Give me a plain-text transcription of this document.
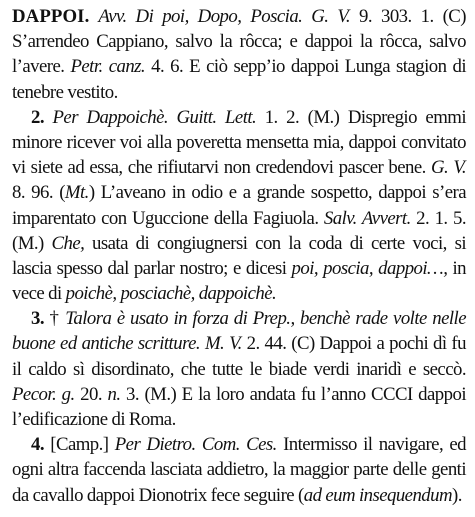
DAPPOI. Avv. Di poi, Dopo, Poscia. G. V. 9. 303. 1. (C) S’arrendeo Cappiano, salvo la rôcca; e dappoi la rôcca, salvo l’avere. Petr. canz. 4. 6. E ciò sepp’io dappoi Lunga stagion di tenebre vestito.

2. Per Dappoichè. Guitt. Lett. 1. 2. (M.) Dispregio emmi minore ricever voi alla poveretta mensetta mia, dappoi convitato vi siete ad essa, che rifiutarvi non credendovi pascer bene. G. V. 8. 96. (Mt.) L’aveano in odio e a grande sospetto, dappoi s’era imparentato con Uguccione della Fagiuola. Salv. Avvert. 2. 1. 5. (M.) Che, usata di congiugnersi con la coda di certe voci, si lascia spesso dal parlar nostro; e dicesi poi, poscia, dappoi…, in vece di poichè, posciachè, dappoichè.

3. † Talora è usato in forza di Prep., benchè rade volte nelle buone ed antiche scritture. M. V. 2. 44. (C) Dappoi a pochi dì fu il caldo sì disordinato, che tutte le biade verdi inaridì e seccò. Pecor. g. 20. n. 3. (M.) E la loro andata fu l’anno CCCI dappoi l’edificazione di Roma.

4. [Camp.] Per Dietro. Com. Ces. Intermisso il navigare, ed ogni altra faccenda lasciata addietro, la maggior parte delle genti da cavallo dappoi Dionotrix fece seguire (ad eum insequendum).
